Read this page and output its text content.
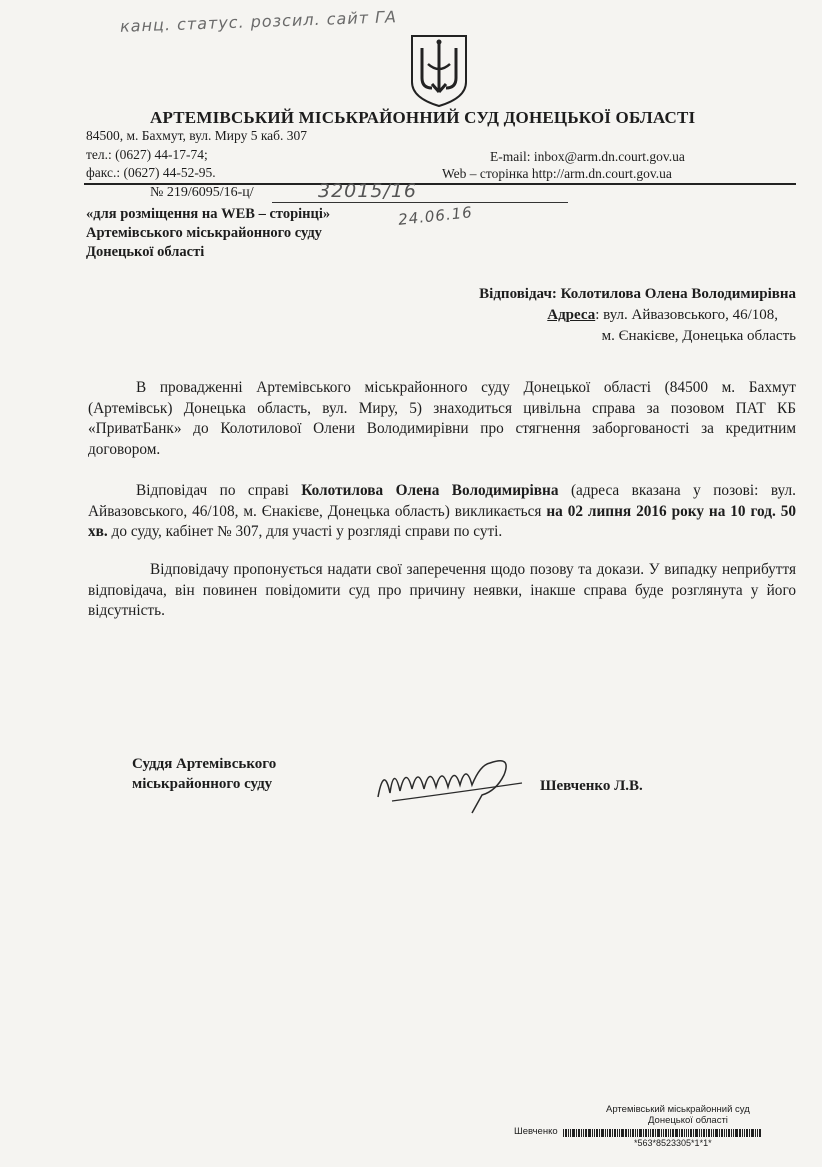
канц. статус. розсил. сайт ГА
АРТЕМІВСЬКИЙ МІСЬКРАЙОННИЙ СУД ДОНЕЦЬКОЇ ОБЛАСТІ
84500, м. Бахмут, вул. Миру 5 каб. 307
тел.: (0627) 44-17-74;
факс.: (0627) 44-52-95.
E-mail: inbox@arm.dn.court.gov.ua
Web – сторінка http://arm.dn.court.gov.ua
№ 219/6095/16-ц/	32015/16
24.06.16
«для розміщення на WEB – сторінці»
Артемівського міськрайонного суду
Донецької області
Відповідач: Колотилова Олена Володимирівна
Адреса: вул. Айвазовського, 46/108,
м. Єнакієве, Донецька область
В провадженні Артемівського міськрайонного суду Донецької області (84500 м. Бахмут (Артемівськ) Донецька область, вул. Миру, 5) знаходиться цивільна справа за позовом ПАТ КБ «ПриватБанк» до Колотилової Олени Володимирівни про стягнення заборгованості за кредитним договором.
Відповідач по справі Колотилова Олена Володимирівна (адреса вказана у позові: вул. Айвазовського, 46/108, м. Єнакієве, Донецька область) викликається на 02 липня 2016 року на 10 год. 50 хв. до суду, кабінет № 307, для участі у розгляді справи по суті.
Відповідачу пропонується надати свої заперечення щодо позову та докази. У випадку неприбуття відповідача, він повинен повідомити суд про причину неявки, інакше справа буде розглянута у його відсутність.
Суддя Артемівського
міськрайонного суду	Шевченко Л.В.
Артемівський міськрайонний суд
Донецької області
Шевченко
*563*8523305*1*1*
